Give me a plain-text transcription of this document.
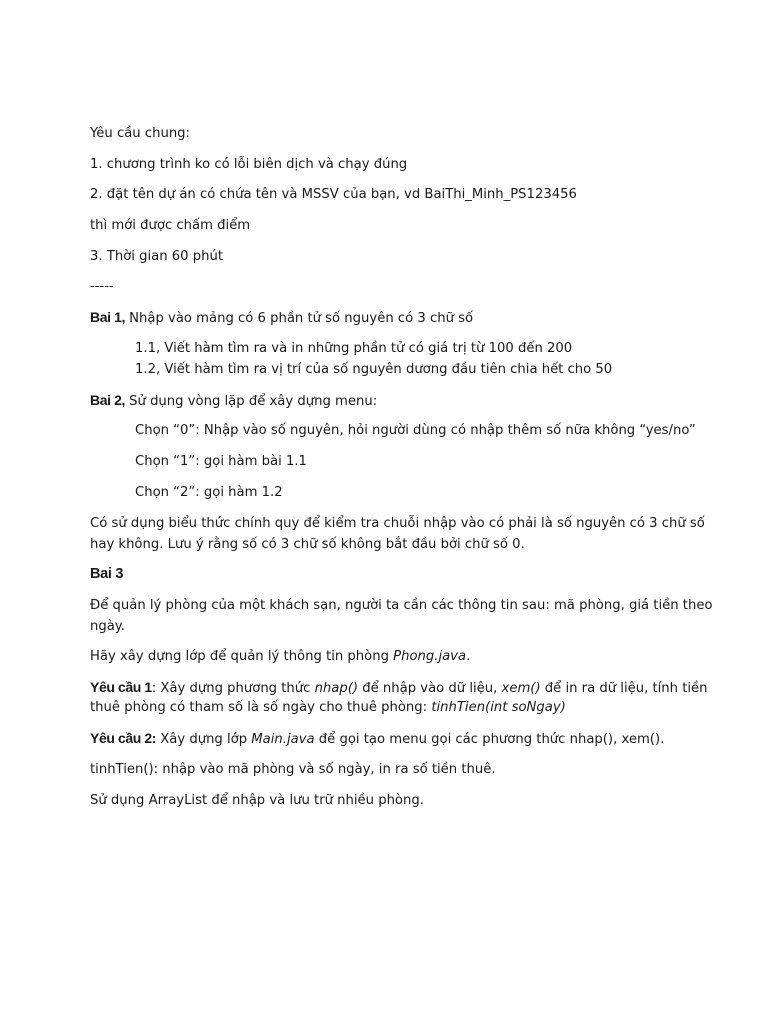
Yêu cầu chung:
1. chương trình ko có lỗi biên dịch và chạy đúng
2. đặt tên dự án có chứa tên và MSSV của bạn, vd BaiThi_Minh_PS123456
thì mới được chấm điểm
3. Thời gian 60 phút
-----
Bai 1, Nhập vào mảng có 6 phần tử số nguyên có 3 chữ số
1.1, Viết hàm tìm ra và in những phần tử có giá trị từ 100 đến 200
1.2, Viết hàm tìm ra vị trí của số nguyên dương đầu tiên chia hết cho 50
Bai 2, Sử dụng vòng lặp để xây dựng menu:
Chọn “0”: Nhập vào số nguyên, hỏi người dùng có nhập thêm số nữa không “yes/no”
Chọn “1”: gọi hàm bài 1.1
Chọn “2”: gọi hàm 1.2
Có sử dụng biểu thức chính quy để kiểm tra chuỗi nhập vào có phải là số nguyên có 3 chữ số
hay không. Lưu ý rằng số có 3 chữ số không bắt đầu bởi chữ số 0.
Bai 3
Để quản lý phòng của một khách sạn, người ta cần các thông tin sau: mã phòng, giá tiền theo
ngày.
Hãy xây dựng lớp để quản lý thông tin phòng Phong.java.
Yêu cầu 1: Xây dựng phương thức nhap() để nhập vào dữ liệu, xem() để in ra dữ liệu, tính tiền
thuê phòng có tham số là số ngày cho thuê phòng: tinhTien(int soNgay)
Yêu cầu 2: Xây dựng lớp Main.java để gọi tạo menu gọi các phương thức nhap(), xem().
tinhTien(): nhập vào mã phòng và số ngày, in ra số tiền thuê.
Sử dụng ArrayList để nhập và lưu trữ nhiều phòng.
